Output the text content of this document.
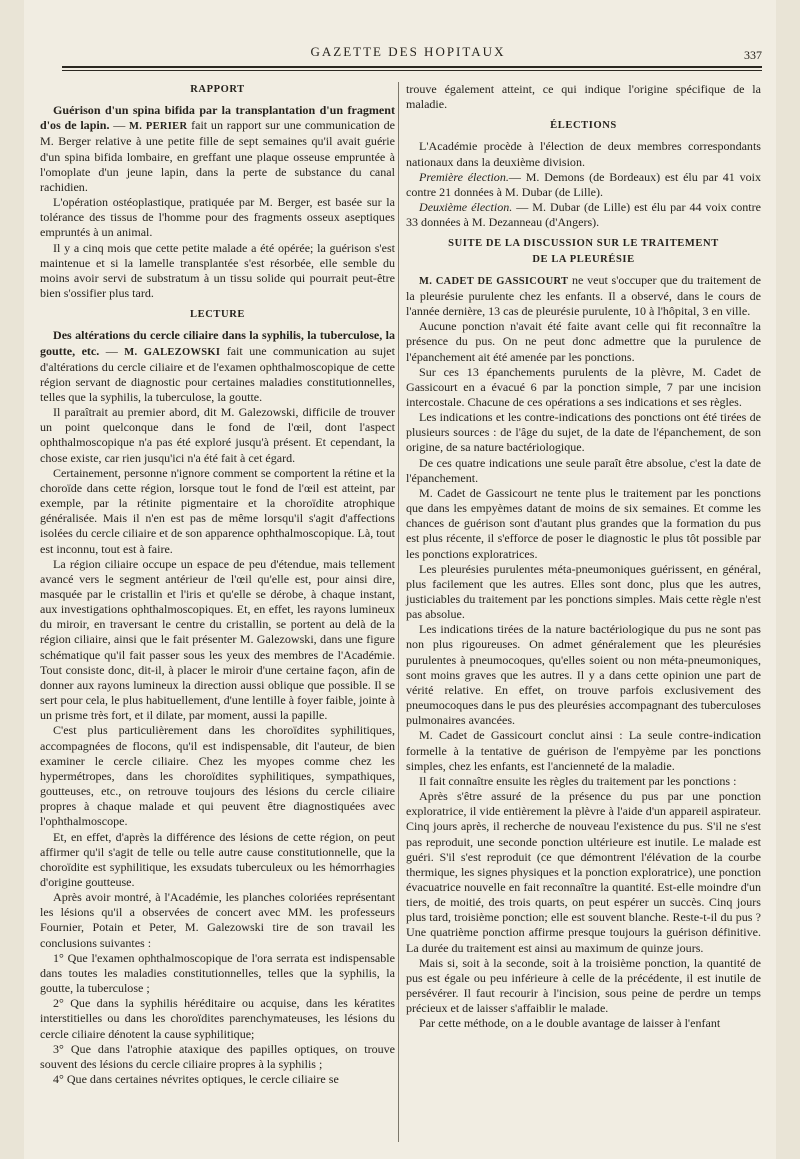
GAZETTE DES HOPITAUX	337
RAPPORT

Guérison d'un spina bifida par la transplantation d'un fragment d'os de lapin. — M. PERIER fait un rapport sur une communication de M. Berger relative à une petite fille de sept semaines qu'il avait guérie d'un spina bifida lombaire, en greffant une plaque osseuse empruntée à l'omoplate d'un jeune lapin, dans la perte de substance du canal rachidien.

L'opération ostéoplastique, pratiquée par M. Berger, est basée sur la tolérance des tissus de l'homme pour des fragments osseux aseptiques empruntés à un animal.

Il y a cinq mois que cette petite malade a été opérée; la guérison s'est maintenue et si la lamelle transplantée s'est résorbée, elle semble du moins avoir servi de substratum à un tissu solide qui pourrait peut-être bien s'ossifier plus tard.

LECTURE

Des altérations du cercle ciliaire dans la syphilis, la tuberculose, la goutte, etc. — M. GALEZOWSKI fait une communication au sujet d'altérations du cercle ciliaire et de l'examen ophthalmoscopique de cette région servant de diagnostic pour certaines maladies constitutionnelles, telles que la syphilis, la tuberculose, la goutte.

Il paraîtrait au premier abord, dit M. Galezowski, difficile de trouver un point quelconque dans le fond de l'œil, dont l'aspect ophthalmoscopique n'a pas été exploré jusqu'à présent. Et cependant, la chose existe, car rien jusqu'ici n'a été fait à cet égard.

Certainement, personne n'ignore comment se comportent la rétine et la choroïde dans cette région, lorsque tout le fond de l'œil est atteint, par exemple, par la rétinite pigmentaire et la choroïdite atrophique généralisée. Mais il n'en est pas de même lorsqu'il s'agit d'affections isolées du cercle ciliaire et de son apparence ophthalmoscopique. Là, tout est inconnu, tout est à faire.

La région ciliaire occupe un espace de peu d'étendue, mais tellement avancé vers le segment antérieur de l'œil qu'elle est, pour ainsi dire, masquée par le cristallin et l'iris et qu'elle se dérobe, à chaque instant, aux investigations ophthalmoscopiques. Et, en effet, les rayons lumineux du miroir, en traversant le centre du cristallin, se portent au delà de la région ciliaire, ainsi que le fait présenter M. Galezowski, dans une figure schématique qu'il fait passer sous les yeux des membres de l'Académie. Tout consiste donc, dit-il, à placer le miroir d'une certaine façon, afin de donner aux rayons lumineux la direction aussi oblique que possible. Il se sert pour cela, le plus habituellement, d'une lentille à foyer faible, jointe à un prisme très fort, et il dilate, par moment, aussi la papille.

C'est plus particulièrement dans les choroïdites syphilitiques, accompagnées de flocons, qu'il est indispensable, dit l'auteur, de bien examiner le cercle ciliaire. Chez les myopes comme chez les hypermétropes, dans les choroïdites syphilitiques, sympathiques, goutteuses, etc., on retrouve toujours des lésions du cercle ciliaire propres à chaque malade et qui peuvent être diagnostiquées avec l'ophthalmoscope.

Et, en effet, d'après la différence des lésions de cette région, on peut affirmer qu'il s'agit de telle ou telle autre cause constitutionnelle, que la choroïdite est syphilitique, les exsudats tuberculeux ou les hémorrhagies d'origine goutteuse.

Après avoir montré, à l'Académie, les planches coloriées représentant les lésions qu'il a observées de concert avec MM. les professeurs Fournier, Potain et Peter, M. Galezowski tire de son travail les conclusions suivantes :

1° Que l'examen ophthalmoscopique de l'ora serrata est indispensable dans toutes les maladies constitutionnelles, telles que la syphilis, la goutte, la tuberculose ;

2° Que dans la syphilis héréditaire ou acquise, dans les kératites interstitielles ou dans les choroïdites parenchymateuses, les lésions du cercle ciliaire dénotent la cause syphilitique;

3° Que dans l'atrophie ataxique des papilles optiques, on trouve souvent des lésions du cercle ciliaire propres à la syphilis ;

4° Que dans certaines névrites optiques, le cercle ciliaire se

trouve également atteint, ce qui indique l'origine spécifique de la maladie.

ÉLECTIONS

L'Académie procède à l'élection de deux membres correspondants nationaux dans la deuxième division.

Première élection.— M. Demons (de Bordeaux) est élu par 41 voix contre 21 données à M. Dubar (de Lille).

Deuxième élection. — M. Dubar (de Lille) est élu par 44 voix contre 33 données à M. Dezanneau (d'Angers).

SUITE DE LA DISCUSSION SUR LE TRAITEMENT
DE LA PLEURÉSIE

M. CADET DE GASSICOURT ne veut s'occuper que du traitement de la pleurésie purulente chez les enfants. Il a observé, dans le cours de l'année dernière, 13 cas de pleurésie purulente, 10 à l'hôpital, 3 en ville.

Aucune ponction n'avait été faite avant celle qui fit reconnaître la présence du pus. On ne peut donc admettre que la purulence de l'épanchement ait été amenée par les ponctions.

Sur ces 13 épanchements purulents de la plèvre, M. Cadet de Gassicourt en a évacué 6 par la ponction simple, 7 par une incision intercostale. Chacune de ces opérations a ses indications et ses règles.

Les indications et les contre-indications des ponctions ont été tirées de plusieurs sources : de l'âge du sujet, de la date de l'épanchement, de son origine, de sa nature bactériologique.

De ces quatre indications une seule paraît être absolue, c'est la date de l'épanchement.

M. Cadet de Gassicourt ne tente plus le traitement par les ponctions que dans les empyèmes datant de moins de six semaines. Et comme les chances de guérison sont d'autant plus grandes que la formation du pus est plus récente, il s'efforce de poser le diagnostic le plus tôt possible par les ponctions exploratrices.

Les pleurésies purulentes méta-pneumoniques guérissent, en général, plus facilement que les autres. Elles sont donc, plus que les autres, justiciables du traitement par les ponctions simples. Mais cette règle n'est pas absolue.

Les indications tirées de la nature bactériologique du pus ne sont pas non plus rigoureuses. On admet généralement que les pleurésies purulentes à pneumocoques, qu'elles soient ou non méta-pneumoniques, sont moins graves que les autres. Il y a dans cette opinion une part de vérité relative. En effet, on trouve parfois exclusivement des pneumocoques dans le pus des pleurésies accompagnant des tuberculoses pulmonaires avancées.

M. Cadet de Gassicourt conclut ainsi : La seule contre-indication formelle à la tentative de guérison de l'empyème par les ponctions simples, chez les enfants, est l'ancienneté de la maladie.

Il fait connaître ensuite les règles du traitement par les ponctions :

Après s'être assuré de la présence du pus par une ponction exploratrice, il vide entièrement la plèvre à l'aide d'un appareil aspirateur. Cinq jours après, il recherche de nouveau l'existence du pus. S'il ne s'est pas reproduit, une seconde ponction ultérieure est inutile. Le malade est guéri. S'il s'est reproduit (ce que démontrent l'élévation de la courbe thermique, les signes physiques et la ponction exploratrice), une ponction évacuatrice nouvelle en fait reconnaître la quantité. Est-elle moindre d'un tiers, de moitié, des trois quarts, on peut espérer un succès. Cinq jours plus tard, troisième ponction; elle est souvent blanche. Reste-t-il du pus ? Une quatrième ponction affirme presque toujours la guérison définitive. La durée du traitement est ainsi au maximum de quinze jours.

Mais si, soit à la seconde, soit à la troisième ponction, la quantité de pus est égale ou peu inférieure à celle de la précédente, il est inutile de persévérer. Il faut recourir à l'incision, sous peine de perdre un temps précieux et de laisser s'affaiblir le malade.

Par cette méthode, on a le double avantage de laisser à l'enfant
